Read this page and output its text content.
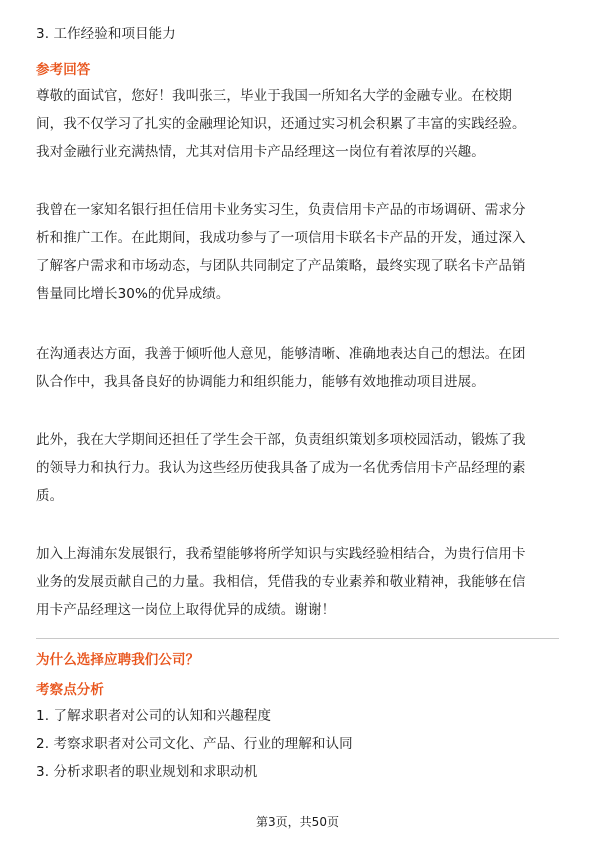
3. 工作经验和项目能力
参考回答
尊敬的面试官，您好！我叫张三，毕业于我国一所知名大学的金融专业。在校期
间，我不仅学习了扎实的金融理论知识，还通过实习机会积累了丰富的实践经验。
我对金融行业充满热情，尤其对信用卡产品经理这一岗位有着浓厚的兴趣。
我曾在一家知名银行担任信用卡业务实习生，负责信用卡产品的市场调研、需求分
析和推广工作。在此期间，我成功参与了一项信用卡联名卡产品的开发，通过深入
了解客户需求和市场动态，与团队共同制定了产品策略，最终实现了联名卡产品销
售量同比增长30%的优异成绩。
在沟通表达方面，我善于倾听他人意见，能够清晰、准确地表达自己的想法。在团
队合作中，我具备良好的协调能力和组织能力，能够有效地推动项目进展。
此外，我在大学期间还担任了学生会干部，负责组织策划多项校园活动，锻炼了我
的领导力和执行力。我认为这些经历使我具备了成为一名优秀信用卡产品经理的素
质。
加入上海浦东发展银行，我希望能够将所学知识与实践经验相结合，为贵行信用卡
业务的发展贡献自己的力量。我相信，凭借我的专业素养和敬业精神，我能够在信
用卡产品经理这一岗位上取得优异的成绩。谢谢！
为什么选择应聘我们公司？
考察点分析
1. 了解求职者对公司的认知和兴趣程度
2. 考察求职者对公司文化、产品、行业的理解和认同
3. 分析求职者的职业规划和求职动机
第3页，共50页
